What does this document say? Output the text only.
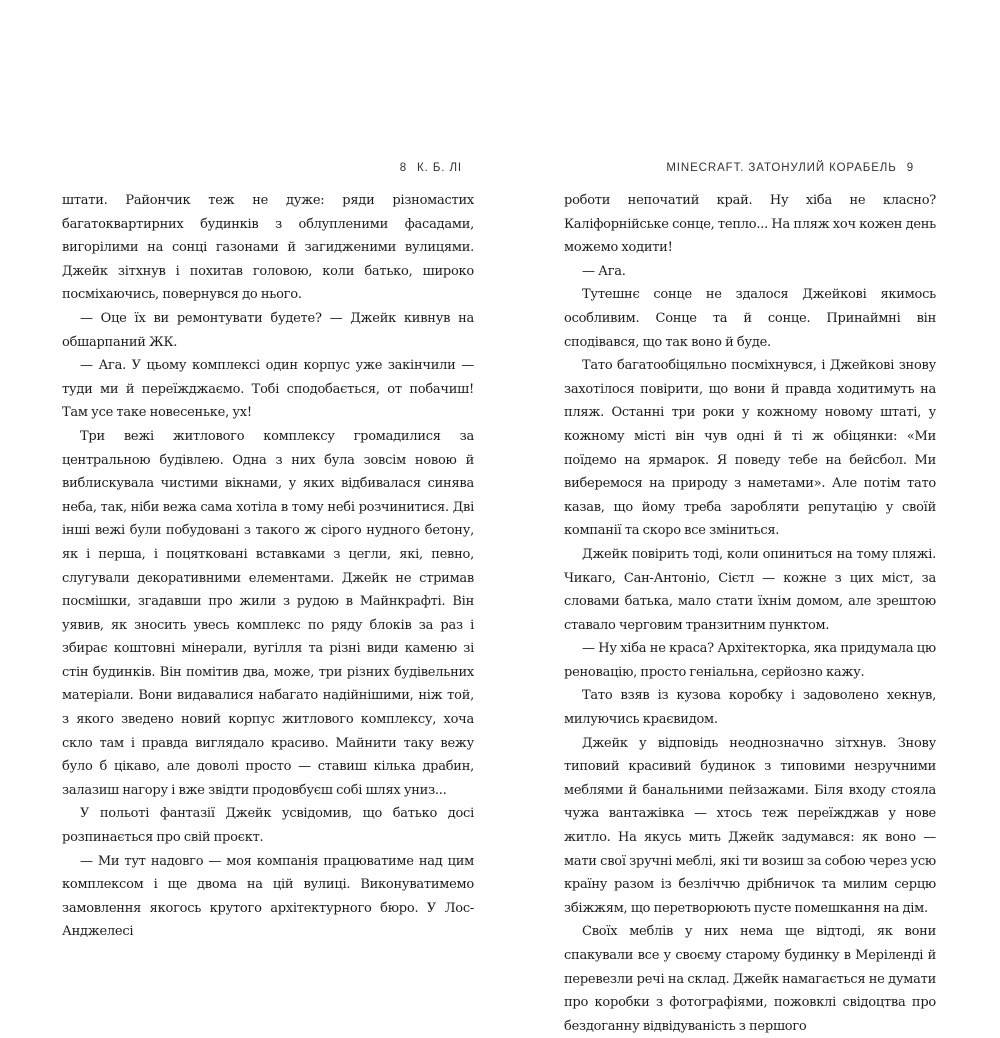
8 К. Б. ЛІ

штати. Райончик теж не дуже: ряди різномастих багатоквартирних будинків з облупленими фасадами, вигорілими на сонці газонами й загидженими вулицями. Джейк зітхнув і похитав головою, коли батько, широко посміхаючись, повернувся до нього.

— Оце їх ви ремонтувати будете? — Джейк кивнув на обшарпаний ЖК.

— Ага. У цьому комплексі один корпус уже закінчили — туди ми й переїжджаємо. Тобі сподобається, от побачиш! Там усе таке новесеньке, ух!

Три вежі житлового комплексу громадилися за центральною будівлею. Одна з них була зовсім новою й виблискувала чистими вікнами, у яких відбивалася синява неба, так, ніби вежа сама хотіла в тому небі розчинитися. Дві інші вежі були побудовані з такого ж сірого нудного бетону, як і перша, і поцятковані вставками з цегли, які, певно, слугували декоративними елементами. Джейк не стримав посмішки, згадавши про жили з рудою в Майнкрафті. Він уявив, як зносить увесь комплекс по ряду блоків за раз і збирає коштовні мінерали, вугілля та різні види каменю зі стін будинків. Він помітив два, може, три різних будівельних матеріали. Вони видавалися набагато надійнішими, ніж той, з якого зведено новий корпус житлового комплексу, хоча скло там і правда виглядало красиво. Майнити таку вежу було б цікаво, але доволі просто — ставиш кілька драбин, залазиш нагору і вже звідти продовбуєш собі шлях униз...

У польоті фантазії Джейк усвідомив, що батько досі розпинається про свій проєкт.

— Ми тут надовго — моя компанія працюватиме над цим комплексом і ще двома на цій вулиці. Виконуватимемо замовлення якогось крутого архітектурного бюро. У Лос-Анджелесі

MINECRAFT. ЗАТОНУЛИЙ КОРАБЕЛЬ 9

роботи непочатий край. Ну хіба не класно? Каліфорнійське сонце, тепло... На пляж хоч кожен день можемо ходити!

— Ага.

Тутешнє сонце не здалося Джейкові якимось особливим. Сонце та й сонце. Принаймні він сподівався, що так воно й буде.

Тато багатообіцяльно посміхнувся, і Джейкові знову захотілося повірити, що вони й правда ходитимуть на пляж. Останні три роки у кожному новому штаті, у кожному місті він чув одні й ті ж обіцянки: «Ми поїдемо на ярмарок. Я поведу тебе на бейсбол. Ми виберемося на природу з наметами». Але потім тато казав, що йому треба заробляти репутацію у своїй компанії та скоро все зміниться.

Джейк повірить тоді, коли опиниться на тому пляжі. Чикаго, Сан-Антоніо, Сієтл — кожне з цих міст, за словами батька, мало стати їхнім домом, але зрештою ставало черговим транзитним пунктом.

— Ну хіба не краса? Архітекторка, яка придумала цю реновацію, просто геніальна, серйозно кажу.

Тато взяв із кузова коробку і задоволено хекнув, милуючись краєвидом.

Джейк у відповідь неоднозначно зітхнув. Знову типовий красивий будинок з типовими незручними меблями й банальними пейзажами. Біля входу стояла чужа вантажівка — хтось теж переїжджав у нове житло. На якусь мить Джейк задумався: як воно — мати свої зручні меблі, які ти возиш за собою через усю країну разом із безліччю дрібничок та милим серцю збіжжям, що перетворюють пусте помешкання на дім.

Своїх меблів у них нема ще відтоді, як вони спакували все у своєму старому будинку в Меріленді й перевезли речі на склад. Джейк намагається не думати про коробки з фотографіями, пожовклі свідоцтва про бездоганну відвідуваність з першого
